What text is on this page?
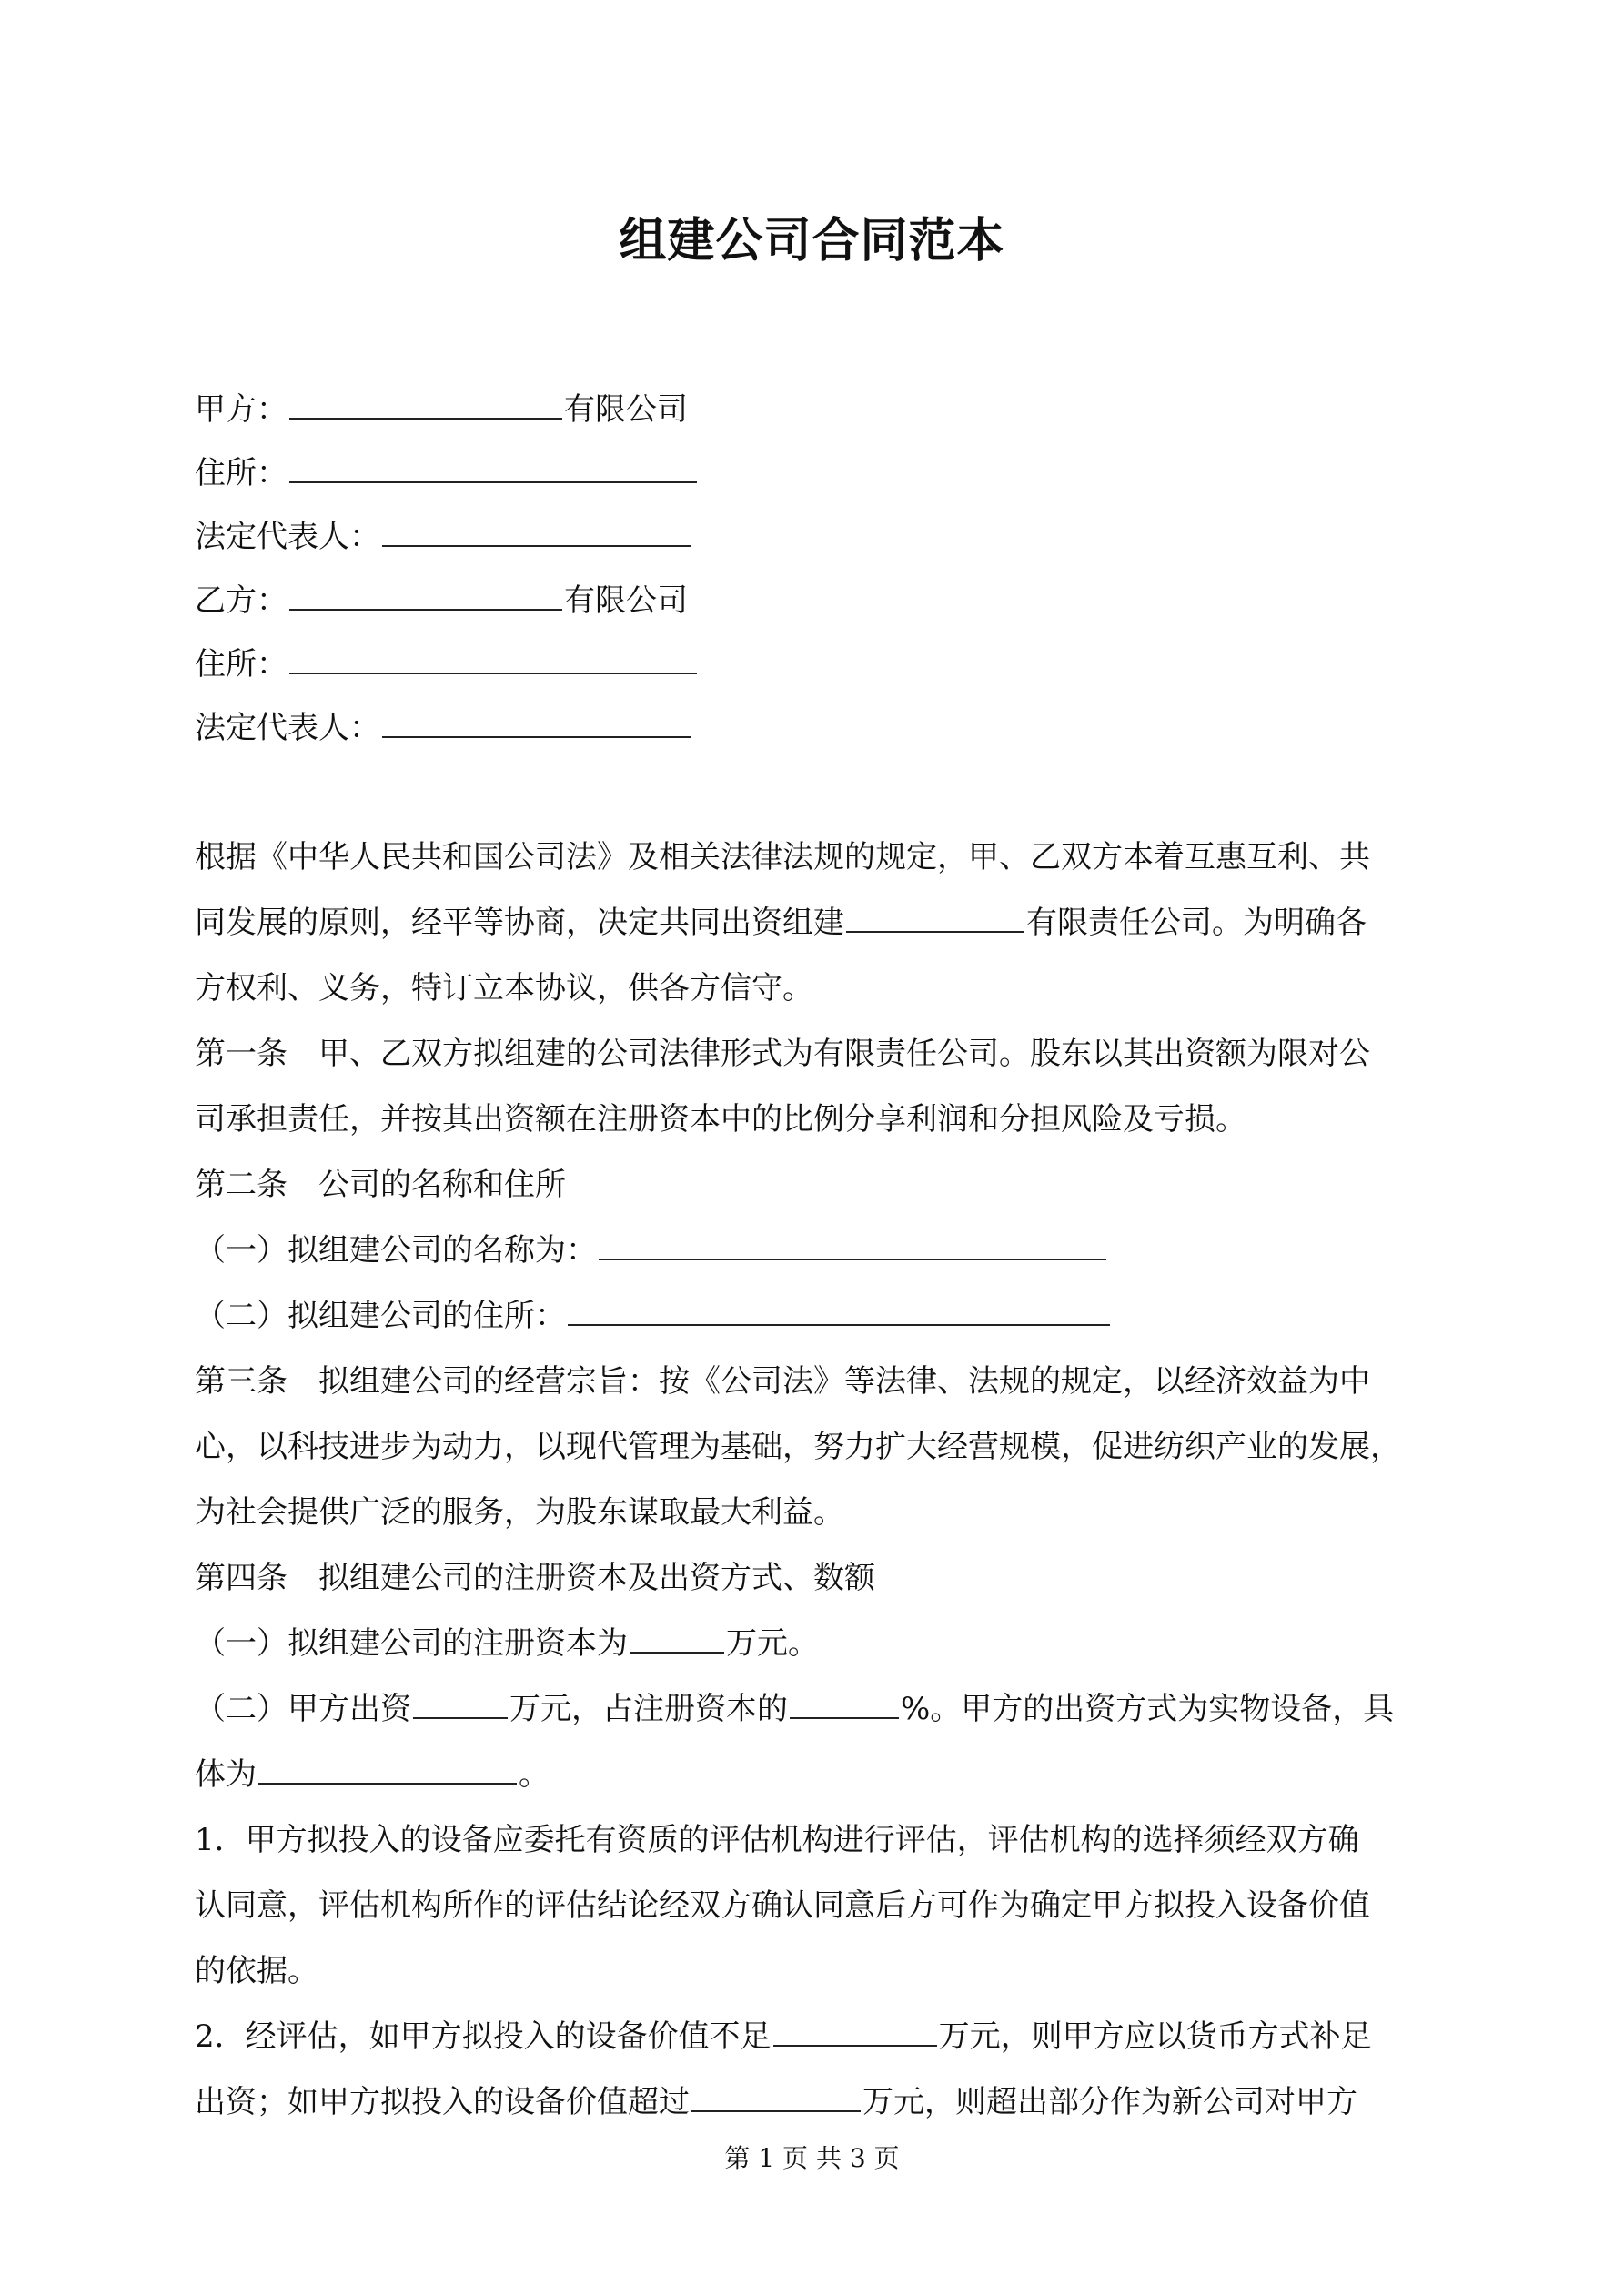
组建公司合同范本
甲方：	有限公司
住所：
法定代表人：
乙方：	有限公司
住所：
法定代表人：
根据《中华人民共和国公司法》及相关法律法规的规定，甲、乙双方本着互惠互利、共
同发展的原则，经平等协商，决定共同出资组建	有限责任公司。为明确各
方权利、义务，特订立本协议，供各方信守。
第一条　甲、乙双方拟组建的公司法律形式为有限责任公司。股东以其出资额为限对公
司承担责任，并按其出资额在注册资本中的比例分享利润和分担风险及亏损。
第二条　公司的名称和住所
（一）拟组建公司的名称为：
（二）拟组建公司的住所：
第三条　拟组建公司的经营宗旨：按《公司法》等法律、法规的规定，以经济效益为中
心，以科技进步为动力，以现代管理为基础，努力扩大经营规模，促进纺织产业的发展，
为社会提供广泛的服务，为股东谋取最大利益。
第四条　拟组建公司的注册资本及出资方式、数额
（一）拟组建公司的注册资本为	万元。
（二）甲方出资	万元，占注册资本的	%。甲方的出资方式为实物设备，具
体为	。
1．甲方拟投入的设备应委托有资质的评估机构进行评估，评估机构的选择须经双方确
认同意，评估机构所作的评估结论经双方确认同意后方可作为确定甲方拟投入设备价值
的依据。
2．经评估，如甲方拟投入的设备价值不足	万元，则甲方应以货币方式补足
出资；如甲方拟投入的设备价值超过	万元，则超出部分作为新公司对甲方
第 1 页 共 3 页
